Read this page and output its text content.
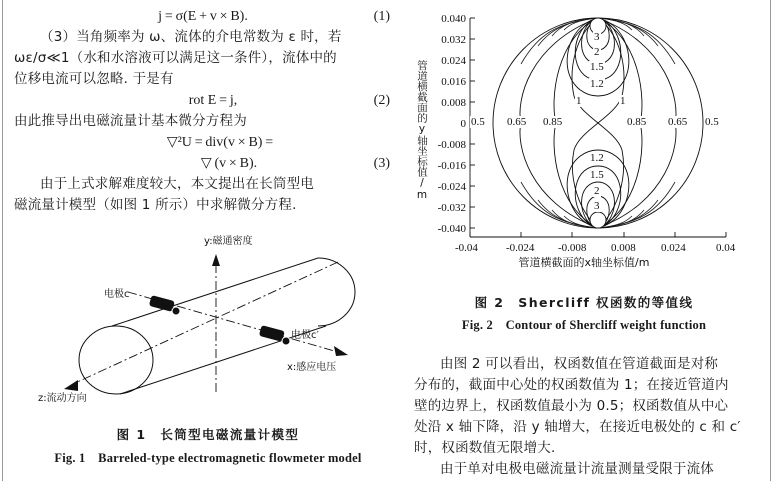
j = σ(E + v × B).	(1)
（3）当角频率为 ω、流体的介电常数为 ε 时，若
ωε/σ≪1（水和水溶液可以满足这一条件），流体中的
位移电流可以忽略. 于是有
rot E = j,	(2)
由此推导出电磁流量计基本微分方程为
▽²U = div(v × B) =
▽ (v × B).	(3)
由于上式求解难度较大，本文提出在长筒型电
磁流量计模型（如图 1 所示）中求解微分方程.
y:磁通密度
电极c
电极c′
x:感应电压
z:流动方向
图 1 长筒型电磁流量计模型
Fig. 1 Barreled-type electromagnetic flowmeter model
管道横截面的y轴坐标值/m
0.040
0.032
0.024
0.016
0.008
0
-0.008
-0.016
-0.024
-0.032
-0.040
-0.04	-0.024 -0.008 0.008 0.024	0.04
管道横截面的x轴坐标值/m
0.5 0.65 0.85	0.85 0.65 0.5
1	1
1.2
1.5
2
3
1.2
1.5
2
3
图 2 Shercliff 权函数的等值线
Fig. 2 Contour of Shercliff weight function
由图 2 可以看出，权函数值在管道截面是对称
分布的，截面中心处的权函数值为 1；在接近管道内
壁的边界上，权函数值最小为 0.5；权函数值从中心
处沿 x 轴下降，沿 y 轴增大，在接近电极处的 c 和 c′
时，权函数值无限增大.
由于单对电极电磁流量计流量测量受限于流体
